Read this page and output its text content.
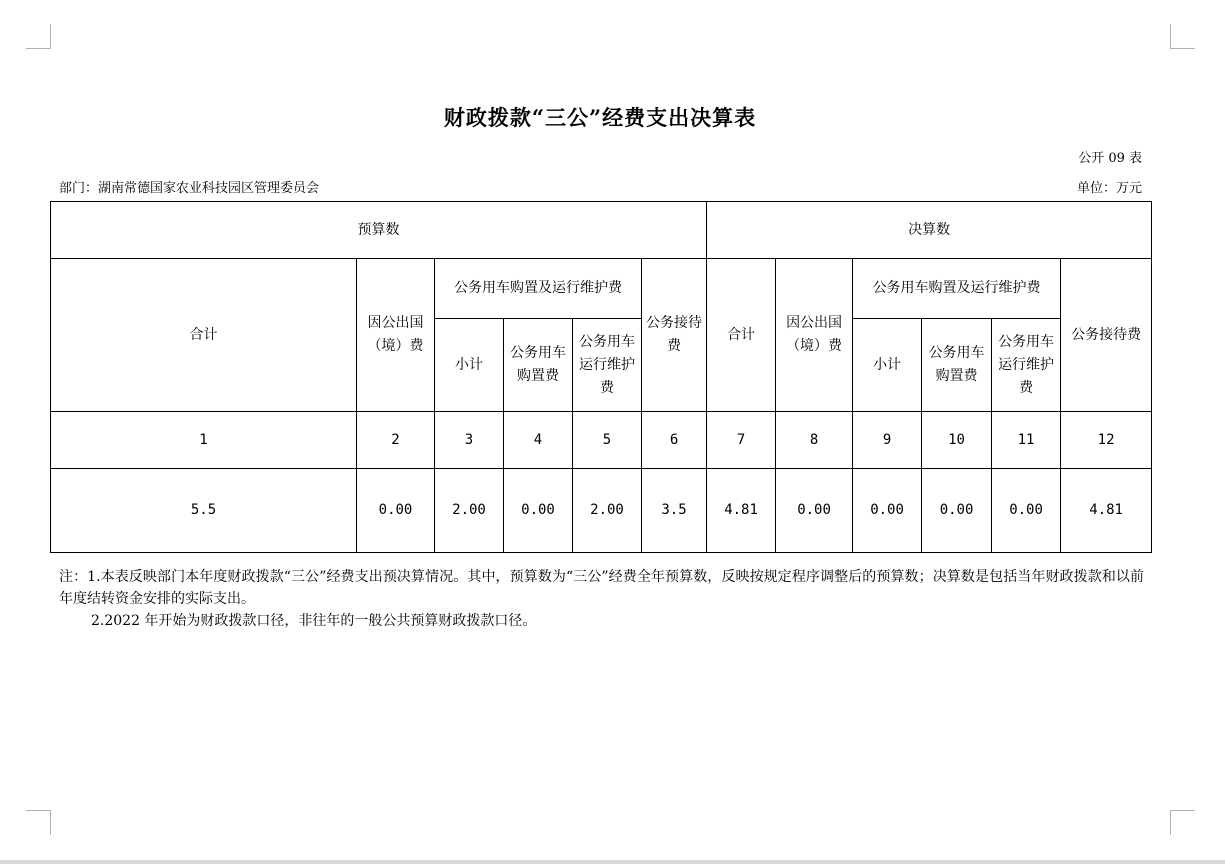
财政拨款“三公”经费支出决算表
公开 09 表
部门：湖南常德国家农业科技园区管理委员会	单位：万元
预算数						决算数					
合计	因公出国（境）费	公务用车购置及运行维护费			公务接待费	合计	因公出国（境）费	公务用车购置及运行维护费			公务接待费
		小计	公务用车购置费	公务用车运行维护费				小计	公务用车购置费	公务用车运行维护费	
1	2	3	4	5	6	7	8	9	10	11	12
5.5	0.00	2.00	0.00	2.00	3.5	4.81	0.00	0.00	0.00	0.00	4.81
注：1.本表反映部门本年度财政拨款“三公”经费支出预决算情况。其中，预算数为“三公”经费全年预算数，反映按规定程序调整后的预算数；决算数是包括当年财政拨款和以前年度结转资金安排的实际支出。
2.2022 年开始为财政拨款口径，非往年的一般公共预算财政拨款口径。
